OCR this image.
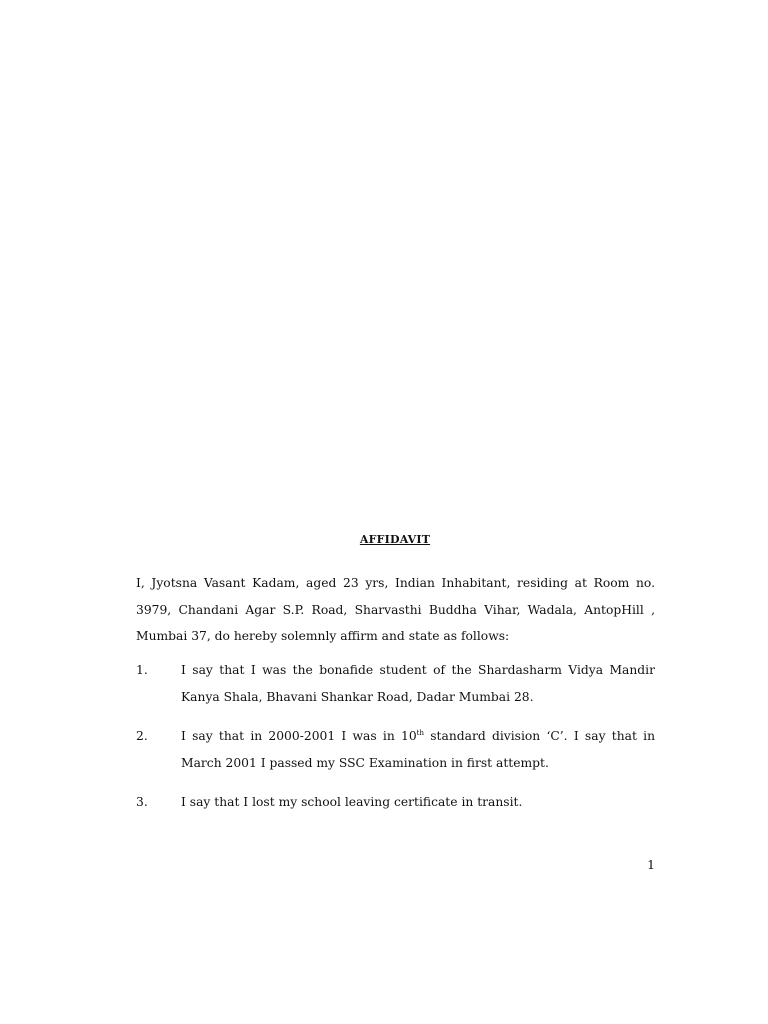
AFFIDAVIT
I, Jyotsna Vasant Kadam, aged 23 yrs, Indian Inhabitant, residing at Room no. 3979, Chandani Agar S.P. Road, Sharvasthi Buddha Vihar, Wadala, AntopHill , Mumbai 37, do hereby solemnly affirm and state as follows:
1.	I say that I was the bonafide student of the Shardasharm Vidya Mandir Kanya Shala, Bhavani Shankar Road, Dadar Mumbai 28.
2.	I say that in 2000-2001 I was in 10th standard division ‘C’. I say that in March 2001 I passed my SSC Examination in first attempt.
3.	I say that I lost my school leaving certificate in transit.
1
